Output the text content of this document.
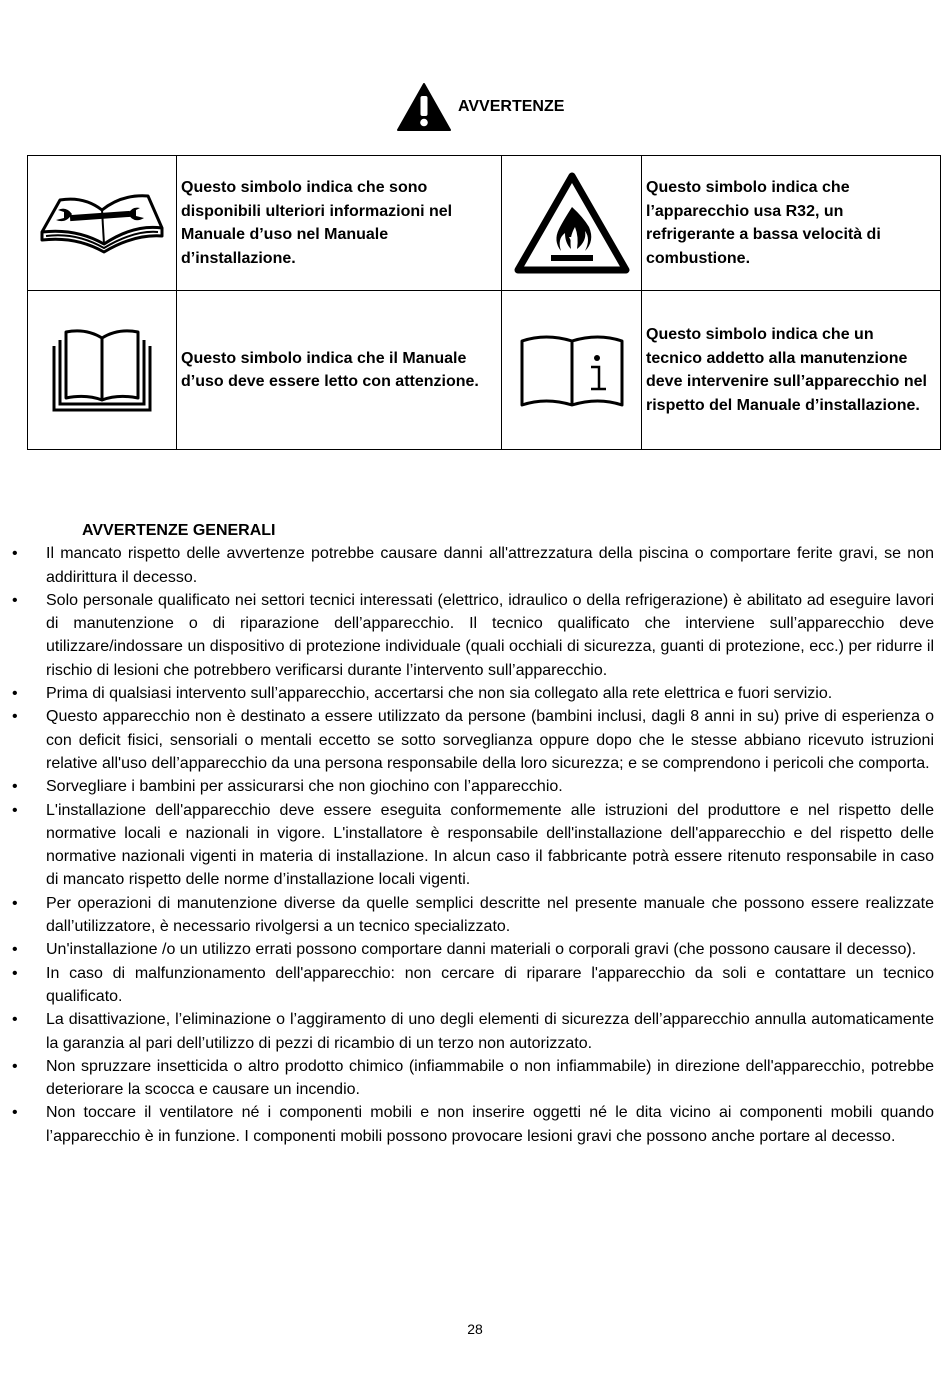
AVVERTENZE
	Questo simbolo indica che sono disponibili ulteriori informazioni nel Manuale d’uso nel Manuale d’installazione.		Questo simbolo indica che l’apparecchio usa R32, un refrigerante a bassa velocità di combustione.

	Questo simbolo indica che il Manuale d’uso deve essere letto con attenzione.		Questo simbolo indica che un tecnico addetto alla manutenzione deve intervenire sull’apparecchio nel rispetto del Manuale d’installazione.
AVVERTENZE GENERALI
• Il mancato rispetto delle avvertenze potrebbe causare danni all'attrezzatura della piscina o comportare ferite gravi, se non addirittura il decesso.
• Solo personale qualificato nei settori tecnici interessati (elettrico, idraulico o della refrigerazione) è abilitato ad eseguire lavori di manutenzione o di riparazione dell’apparecchio. Il tecnico qualificato che interviene sull’apparecchio deve utilizzare/indossare un dispositivo di protezione individuale (quali occhiali di sicurezza, guanti di protezione, ecc.) per ridurre il rischio di lesioni che potrebbero verificarsi durante l’intervento sull’apparecchio.
• Prima di qualsiasi intervento sull’apparecchio, accertarsi che non sia collegato alla rete elettrica e fuori servizio.
• Questo apparecchio non è destinato a essere utilizzato da persone (bambini inclusi, dagli 8 anni in su) prive di esperienza o con deficit fisici, sensoriali o mentali eccetto se sotto sorveglianza oppure dopo che le stesse abbiano ricevuto istruzioni relative all'uso dell’apparecchio da una persona responsabile della loro sicurezza; e se comprendono i pericoli che comporta.
• Sorvegliare i bambini per assicurarsi che non giochino con l’apparecchio.
• L'installazione dell'apparecchio deve essere eseguita conformemente alle istruzioni del produttore e nel rispetto delle normative locali e nazionali in vigore. L'installatore è responsabile dell'installazione dell'apparecchio e del rispetto delle normative nazionali vigenti in materia di installazione. In alcun caso il fabbricante potrà essere ritenuto responsabile in caso di mancato rispetto delle norme d’installazione locali vigenti.
• Per operazioni di manutenzione diverse da quelle semplici descritte nel presente manuale che possono essere realizzate dall’utilizzatore, è necessario rivolgersi a un tecnico specializzato.
• Un'installazione /o un utilizzo errati possono comportare danni materiali o corporali gravi (che possono causare il decesso).
• In caso di malfunzionamento dell'apparecchio: non cercare di riparare l'apparecchio da soli e contattare un tecnico qualificato.
• La disattivazione, l’eliminazione o l’aggiramento di uno degli elementi di sicurezza dell’apparecchio annulla automaticamente la garanzia al pari dell’utilizzo di pezzi di ricambio di un terzo non autorizzato.
• Non spruzzare insetticida o altro prodotto chimico (infiammabile o non infiammabile) in direzione dell'apparecchio, potrebbe deteriorare la scocca e causare un incendio.
• Non toccare il ventilatore né i componenti mobili e non inserire oggetti né le dita vicino ai componenti mobili quando l’apparecchio è in funzione. I componenti mobili possono provocare lesioni gravi che possono anche portare al decesso.
28
